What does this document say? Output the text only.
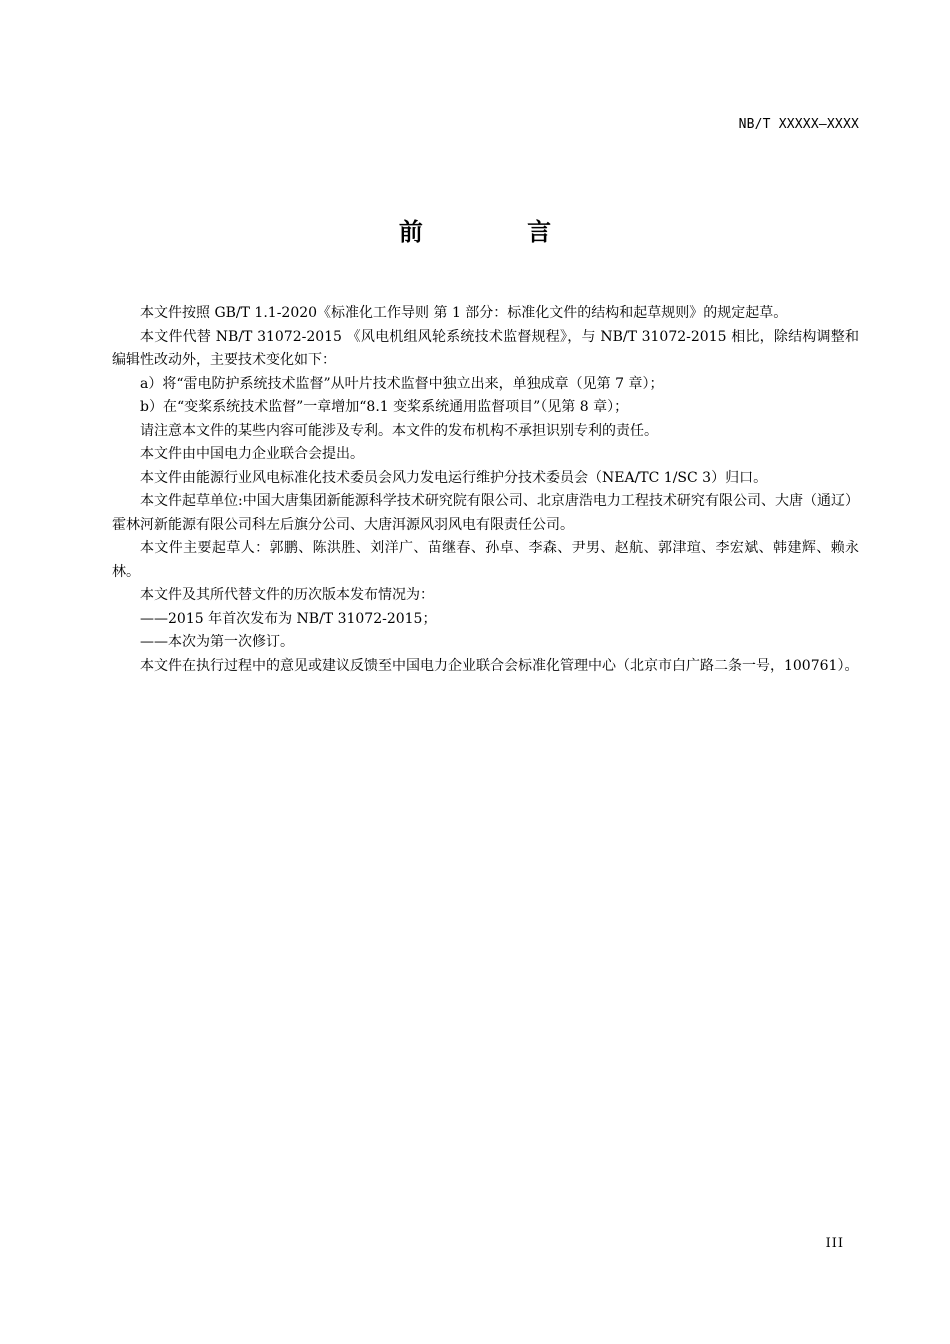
NB/T XXXXX—XXXX
前 言

本文件按照 GB/T 1.1-2020《标准化工作导则 第 1 部分：标准化文件的结构和起草规则》的规定起草。

本文件代替 NB/T 31072-2015 《风电机组风轮系统技术监督规程》，与 NB/T 31072-2015 相比，除结构调整和编辑性改动外，主要技术变化如下：

a）将“雷电防护系统技术监督”从叶片技术监督中独立出来，单独成章（见第 7 章）；

b）在“变桨系统技术监督”一章增加“8.1 变桨系统通用监督项目”（见第 8 章）；

请注意本文件的某些内容可能涉及专利。本文件的发布机构不承担识别专利的责任。

本文件由中国电力企业联合会提出。

本文件由能源行业风电标准化技术委员会风力发电运行维护分技术委员会（NEA/TC 1/SC 3）归口。

本文件起草单位:中国大唐集团新能源科学技术研究院有限公司、北京唐浩电力工程技术研究有限公司、大唐（通辽）霍林河新能源有限公司科左后旗分公司、大唐洱源风羽风电有限责任公司。

本文件主要起草人：郭鹏、陈洪胜、刘洋广、苗继春、孙卓、李森、尹男、赵航、郭津瑄、李宏斌、韩建辉、赖永林。

本文件及其所代替文件的历次版本发布情况为：

——2015 年首次发布为 NB/T 31072-2015；

——本次为第一次修订。

本文件在执行过程中的意见或建议反馈至中国电力企业联合会标准化管理中心（北京市白广路二条一号，100761）。

III
